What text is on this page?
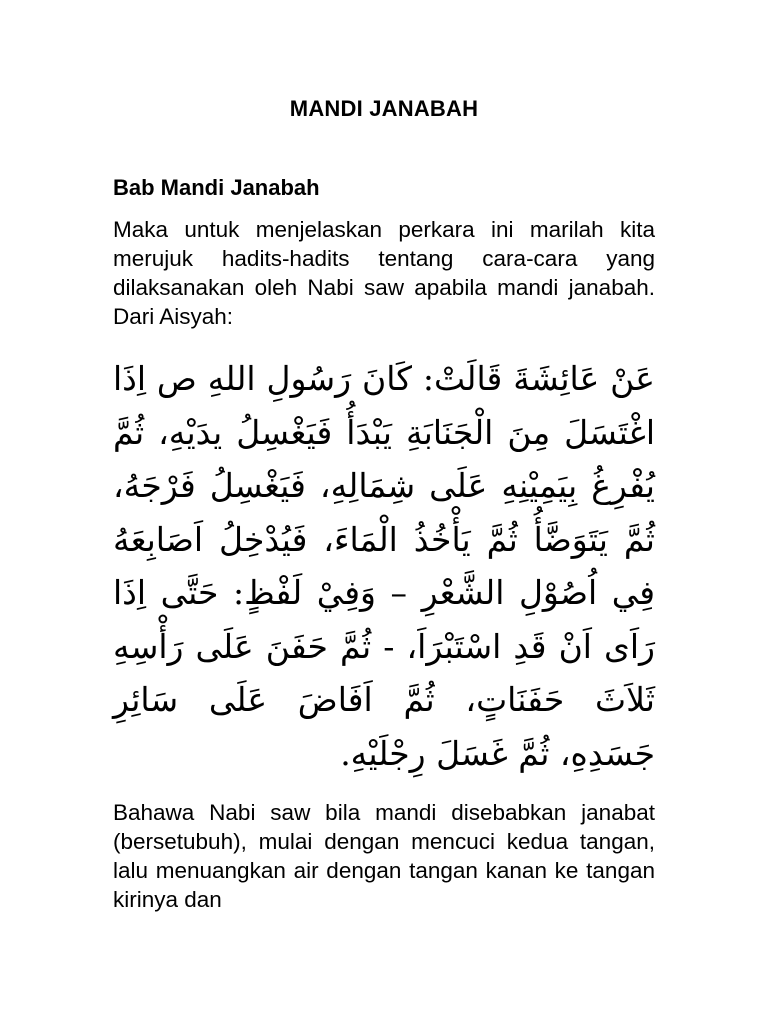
MANDI JANABAH
Bab Mandi Janabah

Maka untuk menjelaskan perkara ini marilah kita merujuk hadits-hadits tentang cara-cara yang dilaksanakan oleh Nabi saw apabila mandi janabah. Dari Aisyah:

عَنْ عَائِشَةَ قَالَتْ: كَانَ رَسُولِ اللهِ ص اِذَا اغْتَسَلَ مِنَ الْجَنَابَةِ يَبْدَأُ فَيَغْسِلُ يدَيْهِ، ثُمَّ يُفْرِغُ بِيَمِيْنِهِ عَلَى شِمَالِهِ، فَيَغْسِلُ فَرْجَهُ، ثُمَّ يَتَوَضَّأُ ثُمَّ يَأْخُذُ الْمَاءَ، فَيُدْخِلُ اَصَابِعَهُ فِي اُصُوْلِ الشَّعْرِ – وَفِيْ لَفْظٍ: حَتَّى اِذَا رَاَى اَنْ قَدِ اسْتَبْرَاَ، - ثُمَّ حَفَنَ عَلَى رَأْسِهِ ثَلاَثَ حَفَنَاتٍ، ثُمَّ اَفَاضَ عَلَى سَائِرِ جَسَدِهِ، ثُمَّ غَسَلَ رِجْلَيْهِ.

Bahawa Nabi saw bila mandi disebabkan janabat (bersetubuh), mulai dengan mencuci kedua tangan, lalu menuangkan air dengan tangan kanan ke tangan kirinya dan
